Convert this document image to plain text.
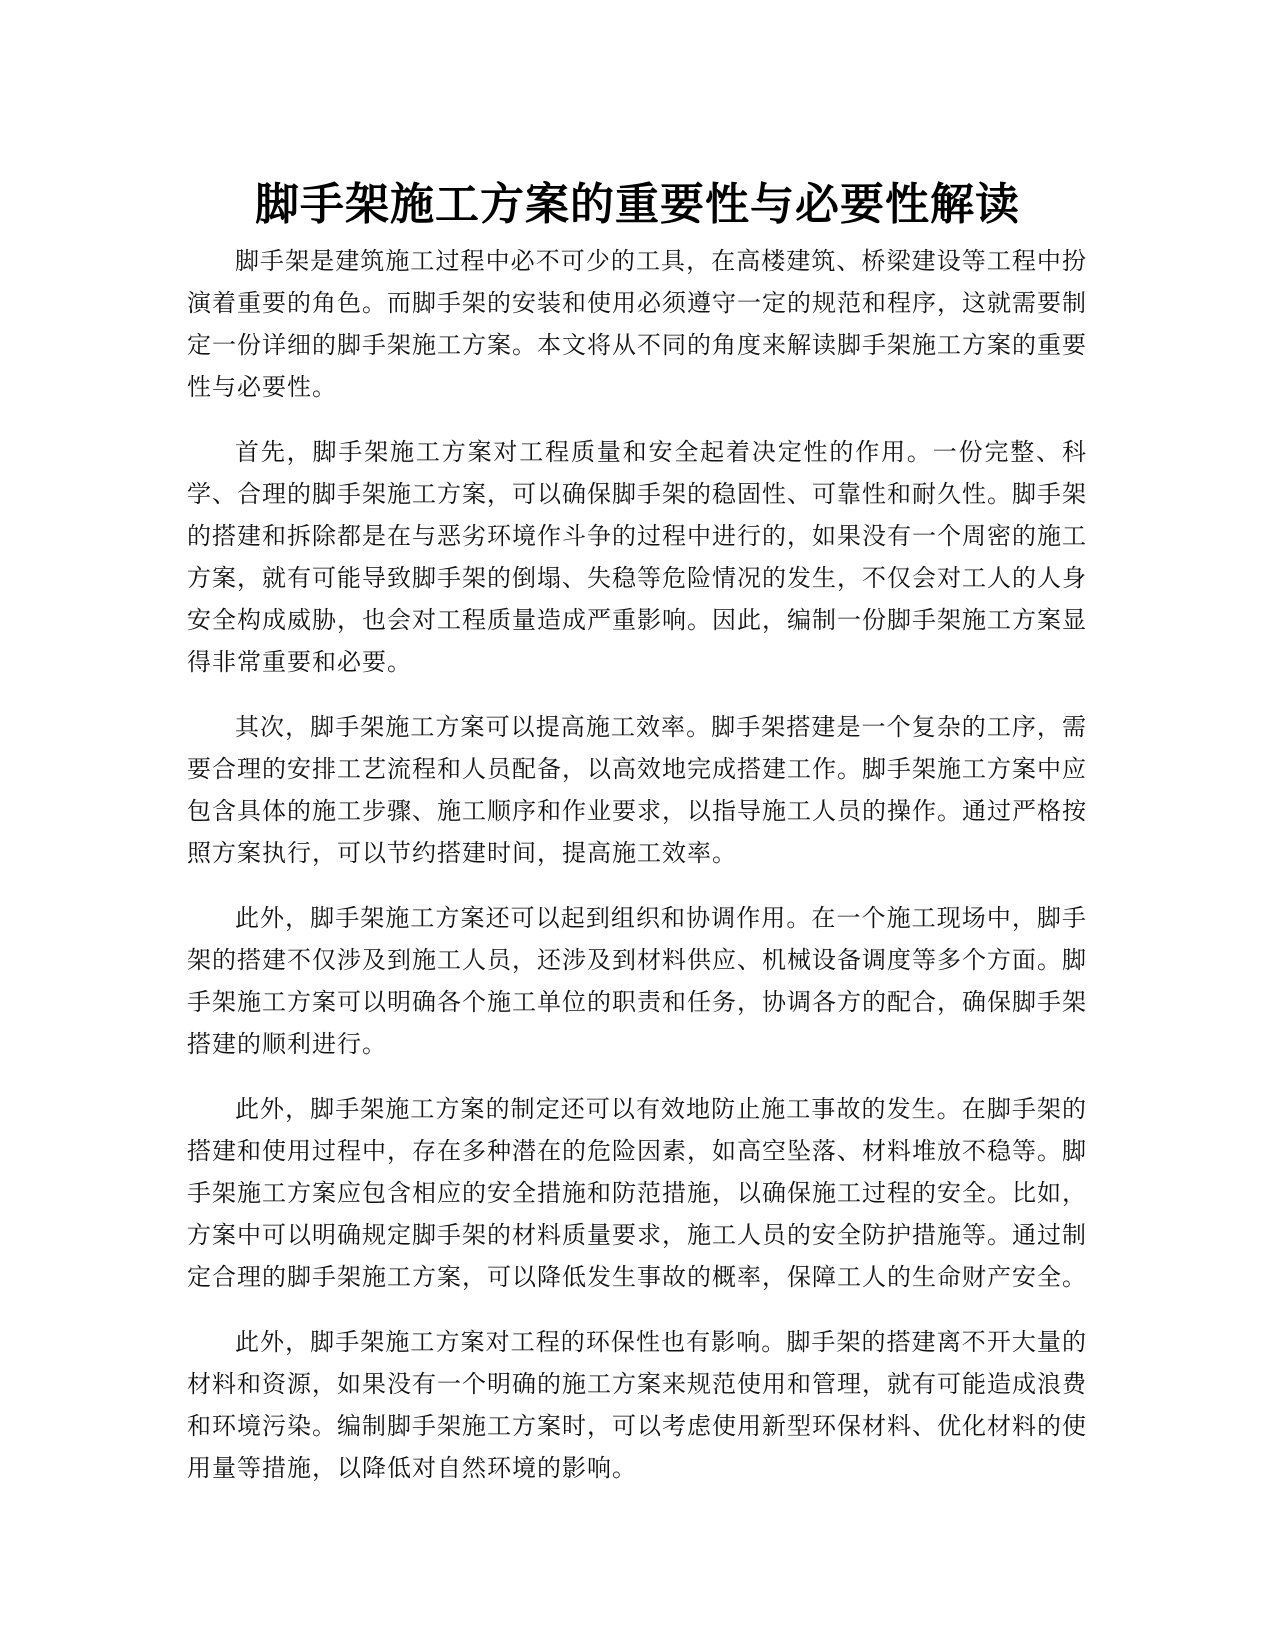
脚手架施工方案的重要性与必要性解读

脚手架是建筑施工过程中必不可少的工具，在高楼建筑、桥梁建设等工程中扮演着重要的角色。而脚手架的安装和使用必须遵守一定的规范和程序，这就需要制定一份详细的脚手架施工方案。本文将从不同的角度来解读脚手架施工方案的重要性与必要性。

首先，脚手架施工方案对工程质量和安全起着决定性的作用。一份完整、科学、合理的脚手架施工方案，可以确保脚手架的稳固性、可靠性和耐久性。脚手架的搭建和拆除都是在与恶劣环境作斗争的过程中进行的，如果没有一个周密的施工方案，就有可能导致脚手架的倒塌、失稳等危险情况的发生，不仅会对工人的人身安全构成威胁，也会对工程质量造成严重影响。因此，编制一份脚手架施工方案显得非常重要和必要。

其次，脚手架施工方案可以提高施工效率。脚手架搭建是一个复杂的工序，需要合理的安排工艺流程和人员配备，以高效地完成搭建工作。脚手架施工方案中应包含具体的施工步骤、施工顺序和作业要求，以指导施工人员的操作。通过严格按照方案执行，可以节约搭建时间，提高施工效率。

此外，脚手架施工方案还可以起到组织和协调作用。在一个施工现场中，脚手架的搭建不仅涉及到施工人员，还涉及到材料供应、机械设备调度等多个方面。脚手架施工方案可以明确各个施工单位的职责和任务，协调各方的配合，确保脚手架搭建的顺利进行。

此外，脚手架施工方案的制定还可以有效地防止施工事故的发生。在脚手架的搭建和使用过程中，存在多种潜在的危险因素，如高空坠落、材料堆放不稳等。脚手架施工方案应包含相应的安全措施和防范措施，以确保施工过程的安全。比如，方案中可以明确规定脚手架的材料质量要求，施工人员的安全防护措施等。通过制定合理的脚手架施工方案，可以降低发生事故的概率，保障工人的生命财产安全。

此外，脚手架施工方案对工程的环保性也有影响。脚手架的搭建离不开大量的材料和资源，如果没有一个明确的施工方案来规范使用和管理，就有可能造成浪费和环境污染。编制脚手架施工方案时，可以考虑使用新型环保材料、优化材料的使用量等措施，以降低对自然环境的影响。
